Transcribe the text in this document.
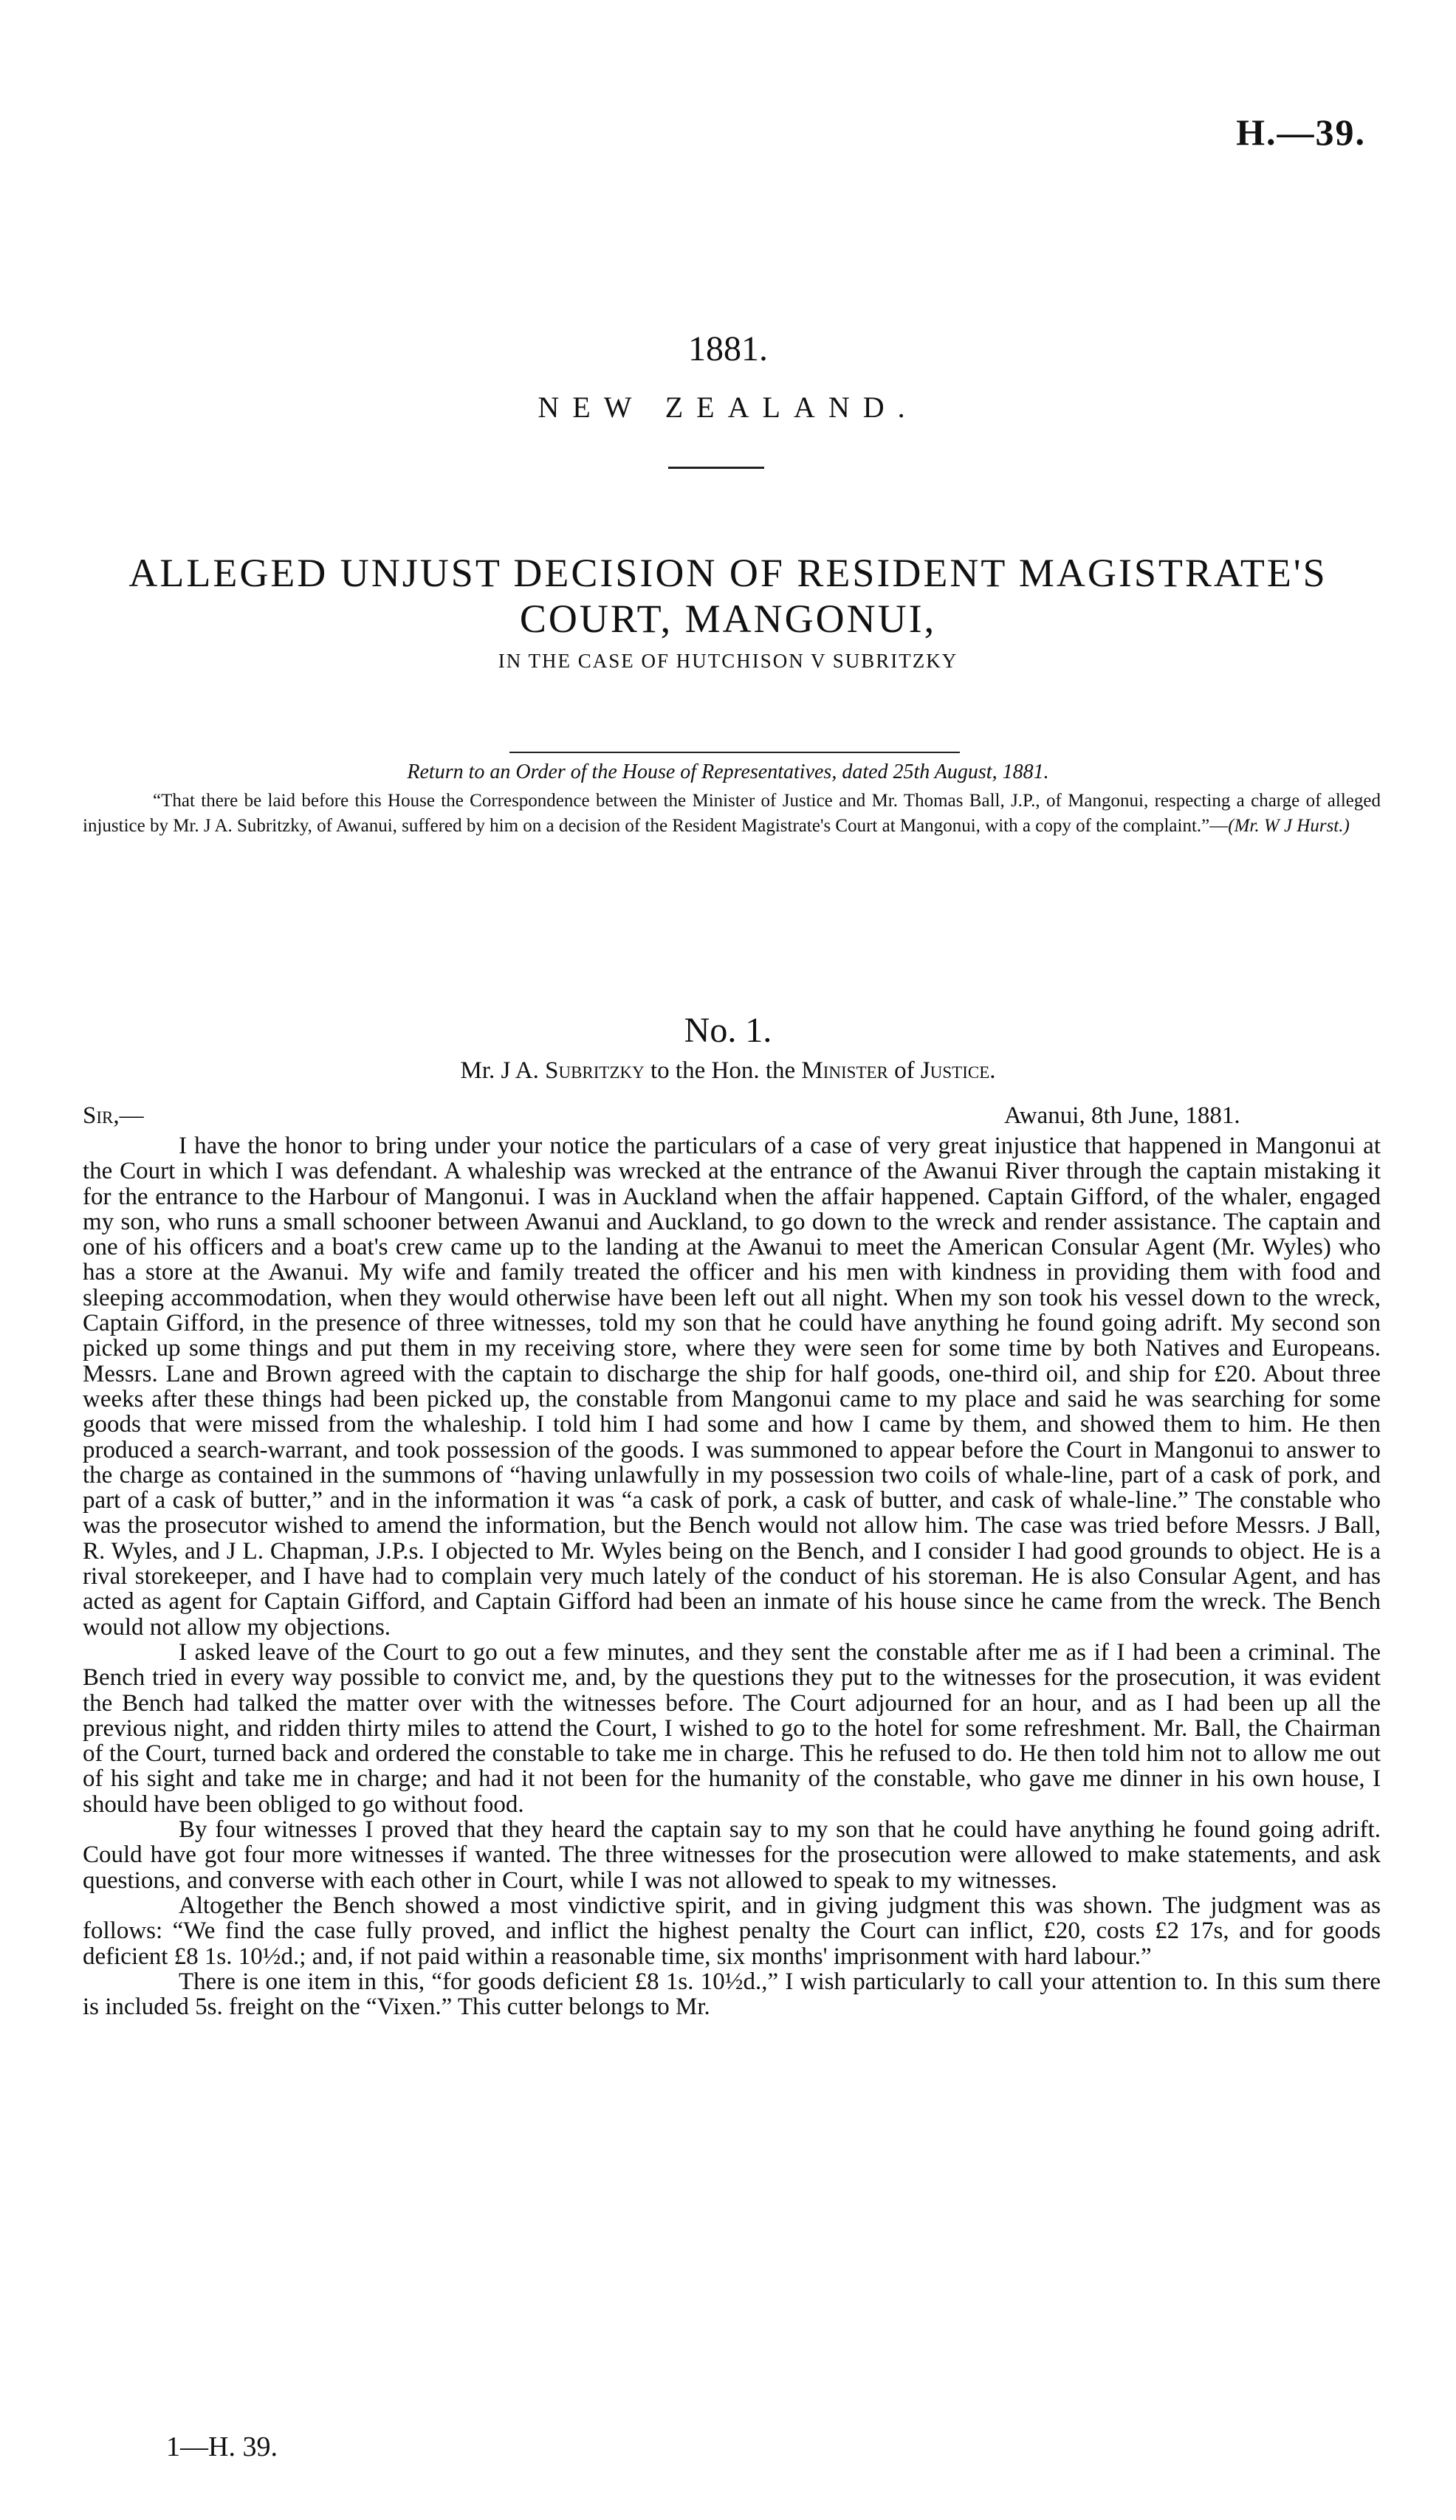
H.—39.
1881.
NEW ZEALAND.
ALLEGED UNJUST DECISION OF RESIDENT MAGISTRATE'S COURT, MANGONUI,
IN THE CASE OF HUTCHISON V SUBRITZKY
Return to an Order of the House of Representatives, dated 25th August, 1881.
“That there be laid before this House the Correspondence between the Minister of Justice and Mr. Thomas Ball, J.P., of Mangonui, respecting a charge of alleged injustice by Mr. J A. Subritzky, of Awanui, suffered by him on a decision of the Resident Magistrate's Court at Mangonui, with a copy of the complaint.”—(Mr. W J Hurst.)
No. 1.
Mr. J A. Subritzky to the Hon. the Minister of Justice.
Sir,—	Awanui, 8th June, 1881.

I have the honor to bring under your notice the particulars of a case of very great injustice that happened in Mangonui at the Court in which I was defendant. A whaleship was wrecked at the entrance of the Awanui River through the captain mistaking it for the entrance to the Harbour of Mangonui. I was in Auckland when the affair happened. Captain Gifford, of the whaler, engaged my son, who runs a small schooner between Awanui and Auckland, to go down to the wreck and render assistance. The captain and one of his officers and a boat's crew came up to the landing at the Awanui to meet the American Consular Agent (Mr. Wyles) who has a store at the Awanui. My wife and family treated the officer and his men with kindness in providing them with food and sleeping accommodation, when they would otherwise have been left out all night. When my son took his vessel down to the wreck, Captain Gifford, in the presence of three witnesses, told my son that he could have anything he found going adrift. My second son picked up some things and put them in my receiving store, where they were seen for some time by both Natives and Europeans. Messrs. Lane and Brown agreed with the captain to discharge the ship for half goods, one-third oil, and ship for £20. About three weeks after these things had been picked up, the constable from Mangonui came to my place and said he was searching for some goods that were missed from the whaleship. I told him I had some and how I came by them, and showed them to him. He then produced a search-warrant, and took possession of the goods. I was summoned to appear before the Court in Mangonui to answer to the charge as contained in the summons of “having unlawfully in my possession two coils of whale-line, part of a cask of pork, and part of a cask of butter,” and in the information it was “a cask of pork, a cask of butter, and cask of whale-line.” The constable who was the prosecutor wished to amend the information, but the Bench would not allow him. The case was tried before Messrs. J Ball, R. Wyles, and J L. Chapman, J.P.s. I objected to Mr. Wyles being on the Bench, and I consider I had good grounds to object. He is a rival storekeeper, and I have had to complain very much lately of the conduct of his storeman. He is also Consular Agent, and has acted as agent for Captain Gifford, and Captain Gifford had been an inmate of his house since he came from the wreck. The Bench would not allow my objections.

I asked leave of the Court to go out a few minutes, and they sent the constable after me as if I had been a criminal. The Bench tried in every way possible to convict me, and, by the questions they put to the witnesses for the prosecution, it was evident the Bench had talked the matter over with the witnesses before. The Court adjourned for an hour, and as I had been up all the previous night, and ridden thirty miles to attend the Court, I wished to go to the hotel for some refreshment. Mr. Ball, the Chairman of the Court, turned back and ordered the constable to take me in charge. This he refused to do. He then told him not to allow me out of his sight and take me in charge; and had it not been for the humanity of the constable, who gave me dinner in his own house, I should have been obliged to go without food.

By four witnesses I proved that they heard the captain say to my son that he could have anything he found going adrift. Could have got four more witnesses if wanted. The three witnesses for the prosecution were allowed to make statements, and ask questions, and converse with each other in Court, while I was not allowed to speak to my witnesses.

Altogether the Bench showed a most vindictive spirit, and in giving judgment this was shown. The judgment was as follows: “We find the case fully proved, and inflict the highest penalty the Court can inflict, £20, costs £2 17s, and for goods deficient £8 1s. 10½d.; and, if not paid within a reasonable time, six months' imprisonment with hard labour.”

There is one item in this, “for goods deficient £8 1s. 10½d.,” I wish particularly to call your attention to. In this sum there is included 5s. freight on the “Vixen.” This cutter belongs to Mr.

1—H. 39.
